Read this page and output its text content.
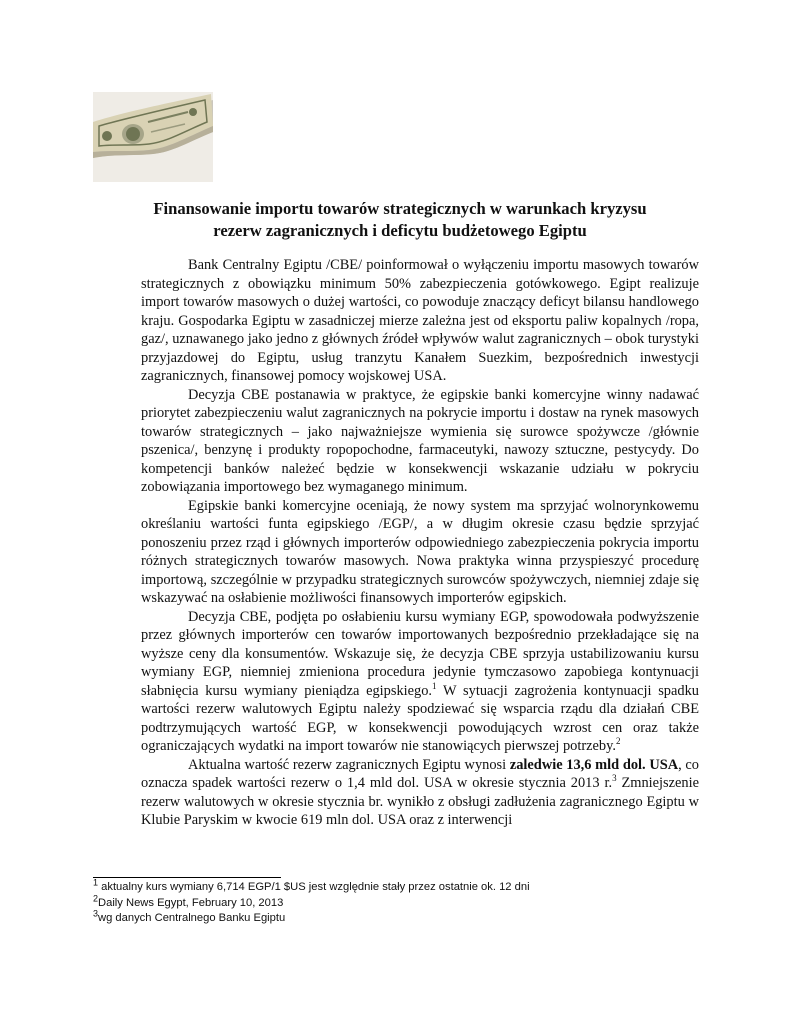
Finansowanie importu towarów strategicznych w warunkach kryzysu
rezerw zagranicznych i deficytu budżetowego Egiptu

Bank Centralny Egiptu /CBE/ poinformował o wyłączeniu importu masowych towarów strategicznych z obowiązku minimum 50% zabezpieczenia gotówkowego. Egipt realizuje import towarów masowych o dużej wartości, co powoduje znaczący deficyt bilansu handlowego kraju. Gospodarka Egiptu w zasadniczej mierze zależna jest od eksportu paliw kopalnych /ropa, gaz/, uznawanego jako jedno z głównych źródeł wpływów walut zagranicznych – obok turystyki przyjazdowej do Egiptu, usług tranzytu Kanałem Suezkim, bezpośrednich inwestycji zagranicznych, finansowej pomocy wojskowej USA.

Decyzja CBE postanawia w praktyce, że egipskie banki komercyjne winny nadawać priorytet zabezpieczeniu walut zagranicznych na pokrycie importu i dostaw na rynek masowych towarów strategicznych – jako najważniejsze wymienia się surowce spożywcze /głównie pszenica/, benzynę i produkty ropopochodne, farmaceutyki, nawozy sztuczne, pestycydy. Do kompetencji banków należeć będzie w konsekwencji wskazanie udziału w pokryciu zobowiązania importowego bez wymaganego minimum.

Egipskie banki komercyjne oceniają, że nowy system ma sprzyjać wolnorynkowemu określaniu wartości funta egipskiego /EGP/, a w długim okresie czasu będzie sprzyjać ponoszeniu przez rząd i głównych importerów odpowiedniego zabezpieczenia pokrycia importu różnych strategicznych towarów masowych. Nowa praktyka winna przyspieszyć procedurę importową, szczególnie w przypadku strategicznych surowców spożywczych, niemniej zdaje się wskazywać na osłabienie możliwości finansowych importerów egipskich.

Decyzja CBE, podjęta po osłabieniu kursu wymiany EGP, spowodowała podwyższenie przez głównych importerów cen towarów importowanych bezpośrednio przekładające się na wyższe ceny dla konsumentów. Wskazuje się, że decyzja CBE sprzyja ustabilizowaniu kursu wymiany EGP, niemniej zmieniona procedura jedynie tymczasowo zapobiega kontynuacji słabnięcia kursu wymiany pieniądza egipskiego.$^1$ W sytuacji zagrożenia kontynuacji spadku wartości rezerw walutowych Egiptu należy spodziewać się wsparcia rządu dla działań CBE podtrzymujących wartość EGP, w konsekwencji powodujących wzrost cen oraz także ograniczających wydatki na import towarów nie stanowiących pierwszej potrzeby.$^2$

Aktualna wartość rezerw zagranicznych Egiptu wynosi zaledwie 13,6 mld dol. USA, co oznacza spadek wartości rezerw o 1,4 mld dol. USA w okresie stycznia 2013 r.$^3$ Zmniejszenie rezerw walutowych w okresie stycznia br. wynikło z obsługi zadłużenia zagranicznego Egiptu w Klubie Paryskim w kwocie 619 mln dol. USA oraz z interwencji

$^1$ aktualny kurs wymiany 6,714 EGP/1 $US jest względnie stały przez ostatnie ok. 12 dni

$^2$Daily News Egypt, February 10, 2013

$^3$wg danych Centralnego Banku Egiptu
